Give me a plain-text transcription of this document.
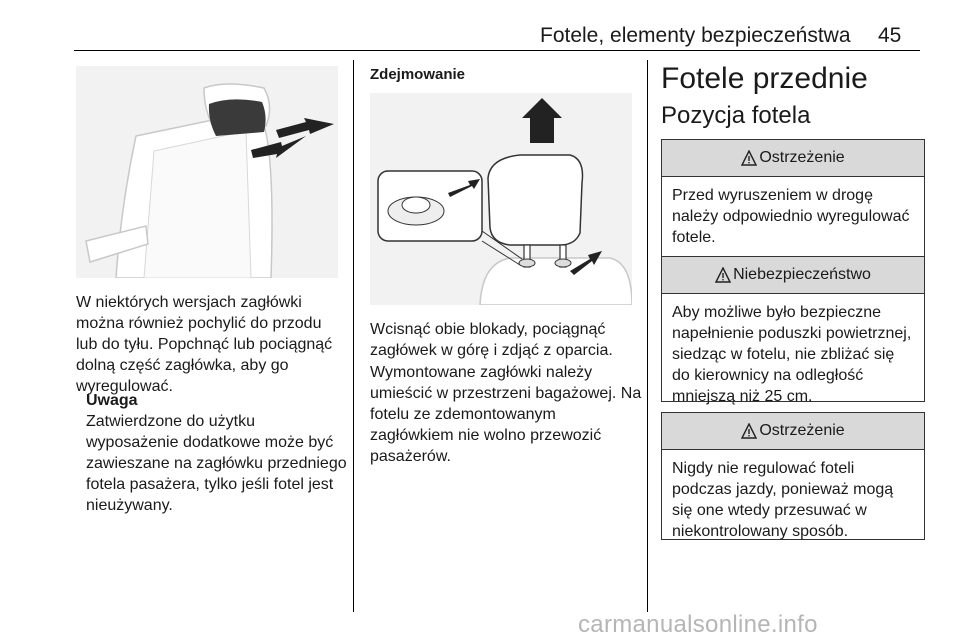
Fotele, elementy bezpieczeństwa 45
W niektórych wersjach zagłówki można również pochylić do przodu lub do tyłu. Popchnąć lub pociągnąć dolną część zagłówka, aby go wyregulować.
Uwaga
Zatwierdzone do użytku wyposażenie dodatkowe może być zawieszane na zagłówku przedniego fotela pasażera, tylko jeśli fotel jest nieużywany.
Zdejmowanie
Wcisnąć obie blokady, pociągnąć zagłówek w górę i zdjąć z oparcia.
Wymontowane zagłówki należy umieścić w przestrzeni bagażowej. Na fotelu ze zdemontowanym zagłówkiem nie wolno przewozić pasażerów.
Fotele przednie
Pozycja fotela
Ostrzeżenie
Przed wyruszeniem w drogę należy odpowiednio wyregulować fotele.
Niebezpieczeństwo
Aby możliwe było bezpieczne napełnienie poduszki powietrznej, siedząc w fotelu, nie zbliżać się do kierownicy na odległość mniejszą niż 25 cm.
Ostrzeżenie
Nigdy nie regulować foteli podczas jazdy, ponieważ mogą się one wtedy przesuwać w niekontrolowany sposób.
carmanualsonline.info
